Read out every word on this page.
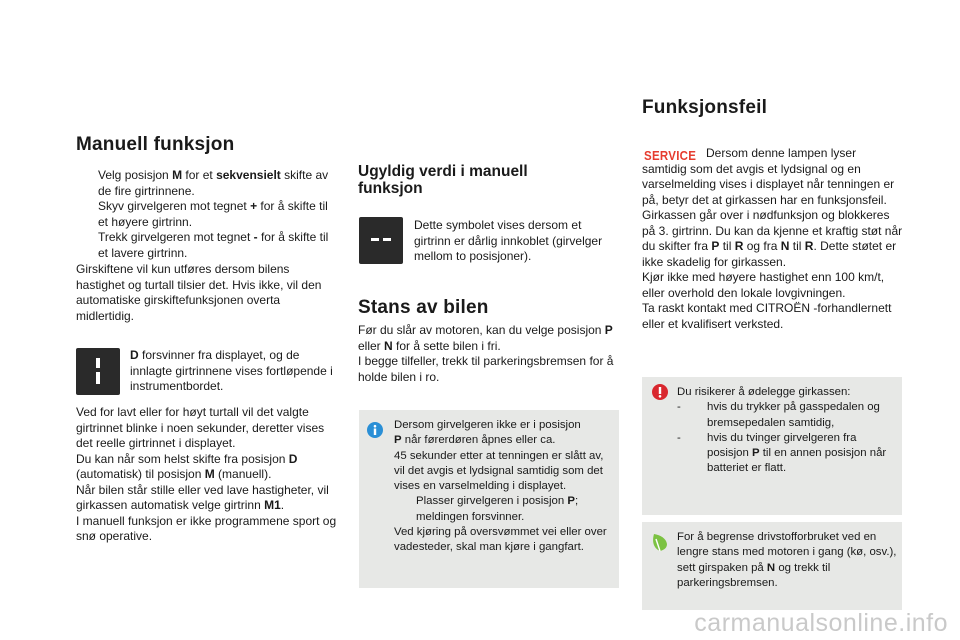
Manuell funksjon
Velg posisjon M for et sekvensielt skifte av de fire girtrinnene.
Skyv girvelgeren mot tegnet + for å skifte til et høyere girtrinn.
Trekk girvelgeren mot tegnet - for å skifte til et lavere girtrinn.

Girskiftene vil kun utføres dersom bilens hastighet og turtall tilsier det. Hvis ikke, vil den automatiske girskiftefunksjonen overta midlertidig.

D forsvinner fra displayet, og de innlagte girtrinnene vises fortløpende i instrumentbordet.

Ved for lavt eller for høyt turtall vil det valgte girtrinnet blinke i noen sekunder, deretter vises det reelle girtrinnet i displayet.

Du kan når som helst skifte fra posisjon D (automatisk) til posisjon M (manuell).

Når bilen står stille eller ved lave hastigheter, vil girkassen automatisk velge girtrinn M1.

I manuell funksjon er ikke programmene sport og snø operative.

Ugyldig verdi i manuell funksjon

Dette symbolet vises dersom et girtrinn er dårlig innkoblet (girvelger mellom to posisjoner).

Stans av bilen

Før du slår av motoren, kan du velge posisjon P eller N for å sette bilen i fri.

I begge tilfeller, trekk til parkeringsbremsen for å holde bilen i ro.

Dersom girvelgeren ikke er i posisjon

P når førerdøren åpnes eller ca.

45 sekunder etter at tenningen er slått av, vil det avgis et lydsignal samtidig som det vises en varselmelding i displayet.

Plasser girvelgeren i posisjon P; meldingen forsvinner.

Ved kjøring på oversvømmet vei eller over vadesteder, skal man kjøre i gangfart.

Funksjonsfeil
SERVICE Dersom denne lampen lyser samtidig som det avgis et lydsignal og en varselmelding vises i displayet når tenningen er på, betyr det at girkassen har en funksjonsfeil.

Girkassen går over i nødfunksjon og blokkeres på 3. girtrinn. Du kan da kjenne et kraftig støt når du skifter fra P til R og fra N til R. Dette støtet er ikke skadelig for girkassen.

Kjør ikke med høyere hastighet enn 100 km/t, eller overhold den lokale lovgivningen.

Ta raskt kontakt med CITROËN -forhandlernett eller et kvalifisert verksted.

Du risikerer å ødelegge girkassen:

- hvis du trykker på gasspedalen og bremsepedalen samtidig,

- hvis du tvinger girvelgeren fra posisjon P til en annen posisjon når batteriet er flatt.

For å begrense drivstofforbruket ved en lengre stans med motoren i gang (kø, osv.), sett girspaken på N og trekk til parkeringsbremsen.

carmanualsonline.info
